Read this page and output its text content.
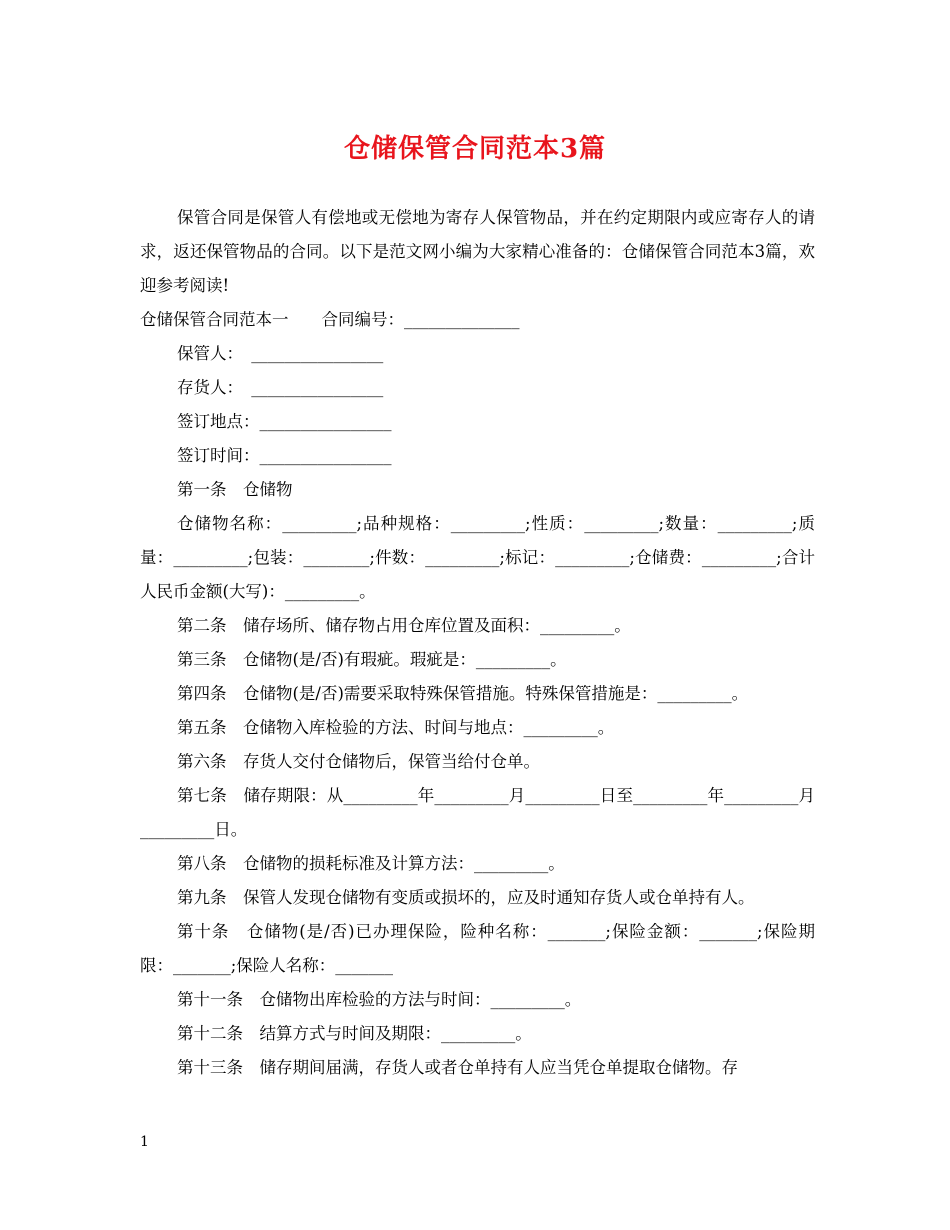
仓储保管合同范本3篇

保管合同是保管人有偿地或无偿地为寄存人保管物品，并在约定期限内或应寄存人的请求，返还保管物品的合同。以下是范文网小编为大家精心准备的：仓储保管合同范本3篇，欢迎参考阅读!

仓储保管合同范本一　　合同编号：______________

保管人：　________________

存货人：　________________

签订地点：________________

签订时间：________________

第一条　仓储物

仓储物名称：_________;品种规格：_________;性质：_________;数量：_________;质量：_________;包装：________;件数：_________;标记：_________;仓储费：_________;合计人民币金额(大写)：_________。

第二条　储存场所、储存物占用仓库位置及面积：_________。

第三条　仓储物(是/否)有瑕疵。瑕疵是：_________。

第四条　仓储物(是/否)需要采取特殊保管措施。特殊保管措施是：_________。

第五条　仓储物入库检验的方法、时间与地点：_________。

第六条　存货人交付仓储物后，保管当给付仓单。

第七条　储存期限：从_________年_________月_________日至_________年_________月_________日。

第八条　仓储物的损耗标准及计算方法：_________。

第九条　保管人发现仓储物有变质或损坏的，应及时通知存货人或仓单持有人。

第十条　仓储物(是/否)已办理保险，险种名称：_______;保险金额：_______;保险期限：_______;保险人名称：_______

第十一条　仓储物出库检验的方法与时间：_________。

第十二条　结算方式与时间及期限：_________。

第十三条　储存期间届满，存货人或者仓单持有人应当凭仓单提取仓储物。存

1
